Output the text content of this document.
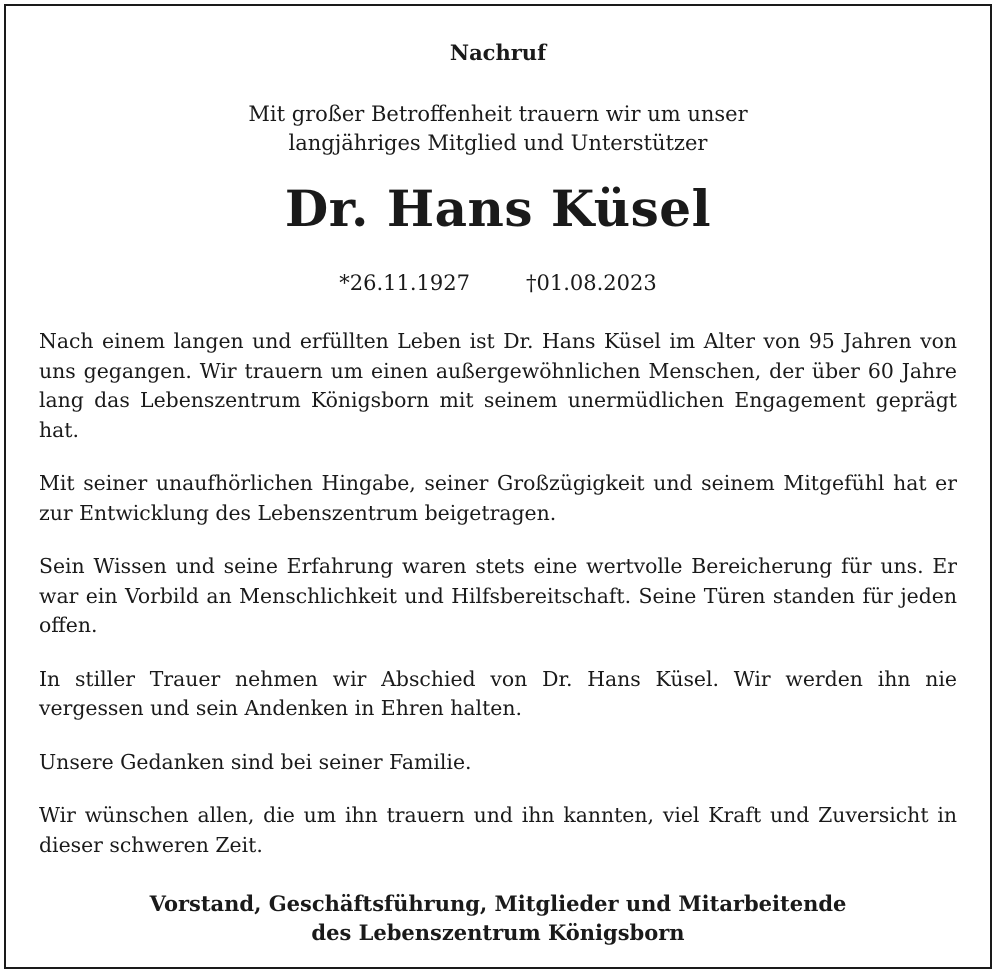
Nachruf
Mit großer Betroffenheit trauern wir um unser
langjähriges Mitglied und Unterstützer
Dr. Hans Küsel
*26.11.1927	†01.08.2023

Nach einem langen und erfüllten Leben ist Dr. Hans Küsel im Alter von 95 Jahren von uns gegangen. Wir trauern um einen außergewöhnlichen Menschen, der über 60 Jahre lang das Lebenszentrum Königsborn mit seinem unermüdlichen Engagement geprägt hat.

Mit seiner unaufhörlichen Hingabe, seiner Großzügigkeit und seinem Mitgefühl hat er zur Entwicklung des Lebenszentrum beigetragen.

Sein Wissen und seine Erfahrung waren stets eine wertvolle Bereicherung für uns. Er war ein Vorbild an Menschlichkeit und Hilfsbereitschaft. Seine Türen standen für jeden offen.

In stiller Trauer nehmen wir Abschied von Dr. Hans Küsel. Wir werden ihn nie vergessen und sein Andenken in Ehren halten.

Unsere Gedanken sind bei seiner Familie.

Wir wünschen allen, die um ihn trauern und ihn kannten, viel Kraft und Zuversicht in dieser schweren Zeit.

Vorstand, Geschäftsführung, Mitglieder und Mitarbeitende
des Lebenszentrum Königsborn
